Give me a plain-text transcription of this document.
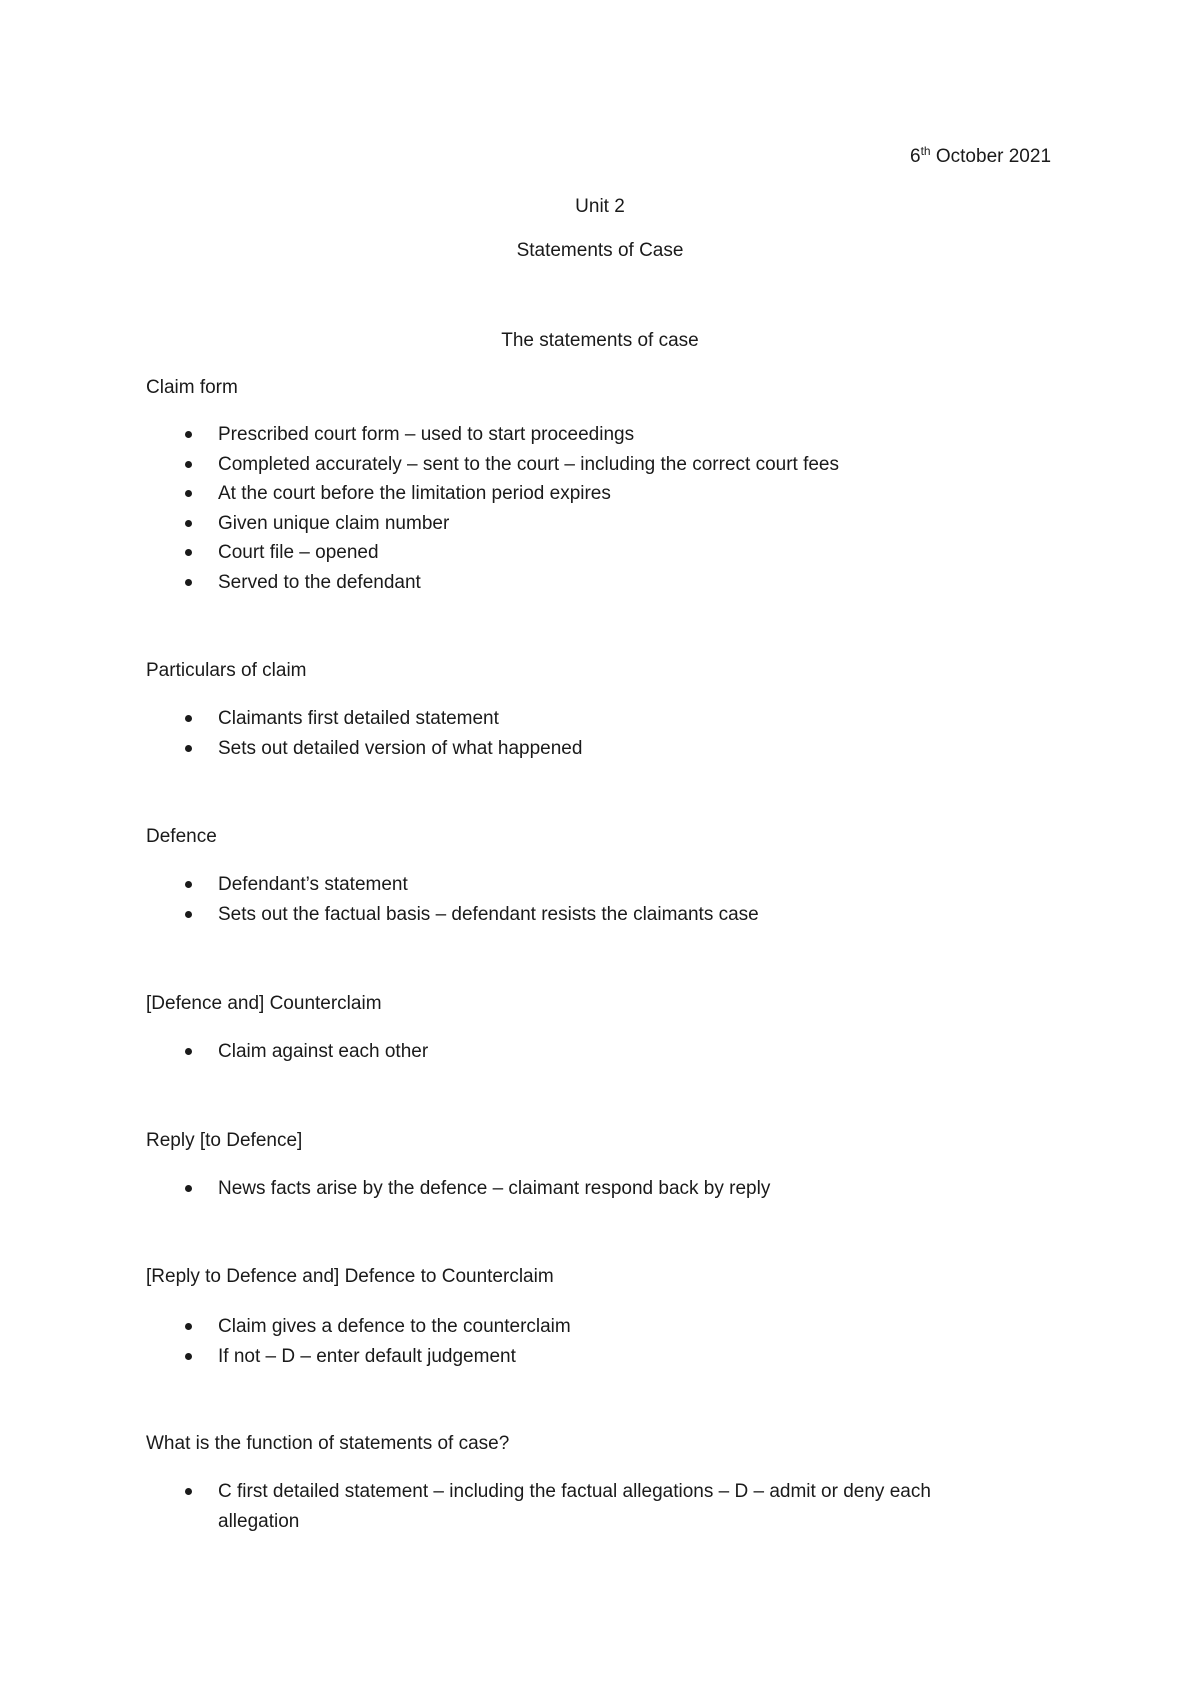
6th October 2021
Unit 2
Statements of Case
The statements of case
Claim form
Prescribed court form – used to start proceedings
Completed accurately – sent to the court – including the correct court fees
At the court before the limitation period expires
Given unique claim number
Court file – opened
Served to the defendant
Particulars of claim
Claimants first detailed statement
Sets out detailed version of what happened
Defence
Defendant’s statement
Sets out the factual basis – defendant resists the claimants case
[Defence and] Counterclaim
Claim against each other
Reply [to Defence]
News facts arise by the defence – claimant respond back by reply
[Reply to Defence and] Defence to Counterclaim
Claim gives a defence to the counterclaim
If not – D – enter default judgement
What is the function of statements of case?
C first detailed statement – including the factual allegations – D – admit or deny each allegation
